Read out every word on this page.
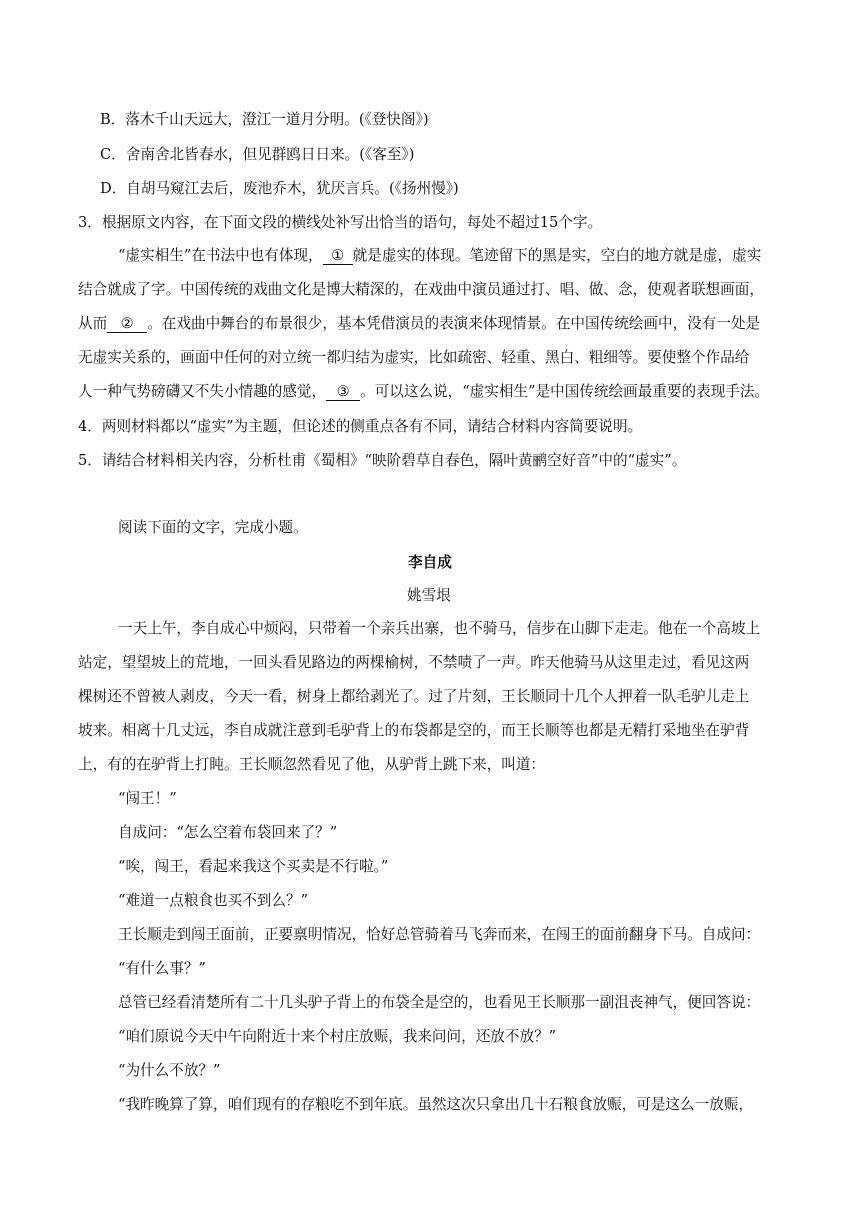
B．落木千山天远大，澄江一道月分明。(《登快阁》)
C．舍南舍北皆春水，但见群鸥日日来。(《客至》)
D．自胡马窥江去后，废池乔木，犹厌言兵。(《扬州慢》)
3．根据原文内容，在下面文段的横线处补写出恰当的语句，每处不超过15个字。
“虚实相生”在书法中也有体现， ① 就是虚实的体现。笔迹留下的黑是实，空白的地方就是虚，虚实
结合就成了字。中国传统的戏曲文化是博大精深的，在戏曲中演员通过打、唱、做、念，使观者联想画面，
从而 ② 。在戏曲中舞台的布景很少，基本凭借演员的表演来体现情景。在中国传统绘画中，没有一处是
无虚实关系的，画面中任何的对立统一都归结为虚实，比如疏密、轻重、黑白、粗细等。要使整个作品给
人一种气势磅礴又不失小情趣的感觉， ③ 。可以这么说，“虚实相生”是中国传统绘画最重要的表现手法。
4．两则材料都以“虚实”为主题，但论述的侧重点各有不同，请结合材料内容简要说明。
5．请结合材料相关内容，分析杜甫《蜀相》“映阶碧草自春色，隔叶黄鹂空好音”中的“虚实”。
阅读下面的文字，完成小题。
李自成
姚雪垠
一天上午，李自成心中烦闷，只带着一个亲兵出寨，也不骑马，信步在山脚下走走。他在一个高坡上
站定，望望坡上的荒地，一回头看见路边的两棵榆树，不禁啧了一声。昨天他骑马从这里走过，看见这两
棵树还不曾被人剥皮，今天一看，树身上都给剥光了。过了片刻，王长顺同十几个人押着一队毛驴儿走上
坡来。相离十几丈远，李自成就注意到毛驴背上的布袋都是空的，而王长顺等也都是无精打采地坐在驴背
上，有的在驴背上打盹。王长顺忽然看见了他，从驴背上跳下来，叫道：
“闯王！”
自成问：“怎么空着布袋回来了？”
“唉，闯王，看起来我这个买卖是不行啦。”
“难道一点粮食也买不到么？”
王长顺走到闯王面前，正要禀明情况，恰好总管骑着马飞奔而来，在闯王的面前翻身下马。自成问：
“有什么事？”
总管已经看清楚所有二十几头驴子背上的布袋全是空的，也看见王长顺那一副沮丧神气，便回答说：
“咱们原说今天中午向附近十来个村庄放赈，我来问问，还放不放？”
“为什么不放？”
“我昨晚算了算，咱们现有的存粮吃不到年底。虽然这次只拿出几十石粮食放赈，可是这么一放赈，
